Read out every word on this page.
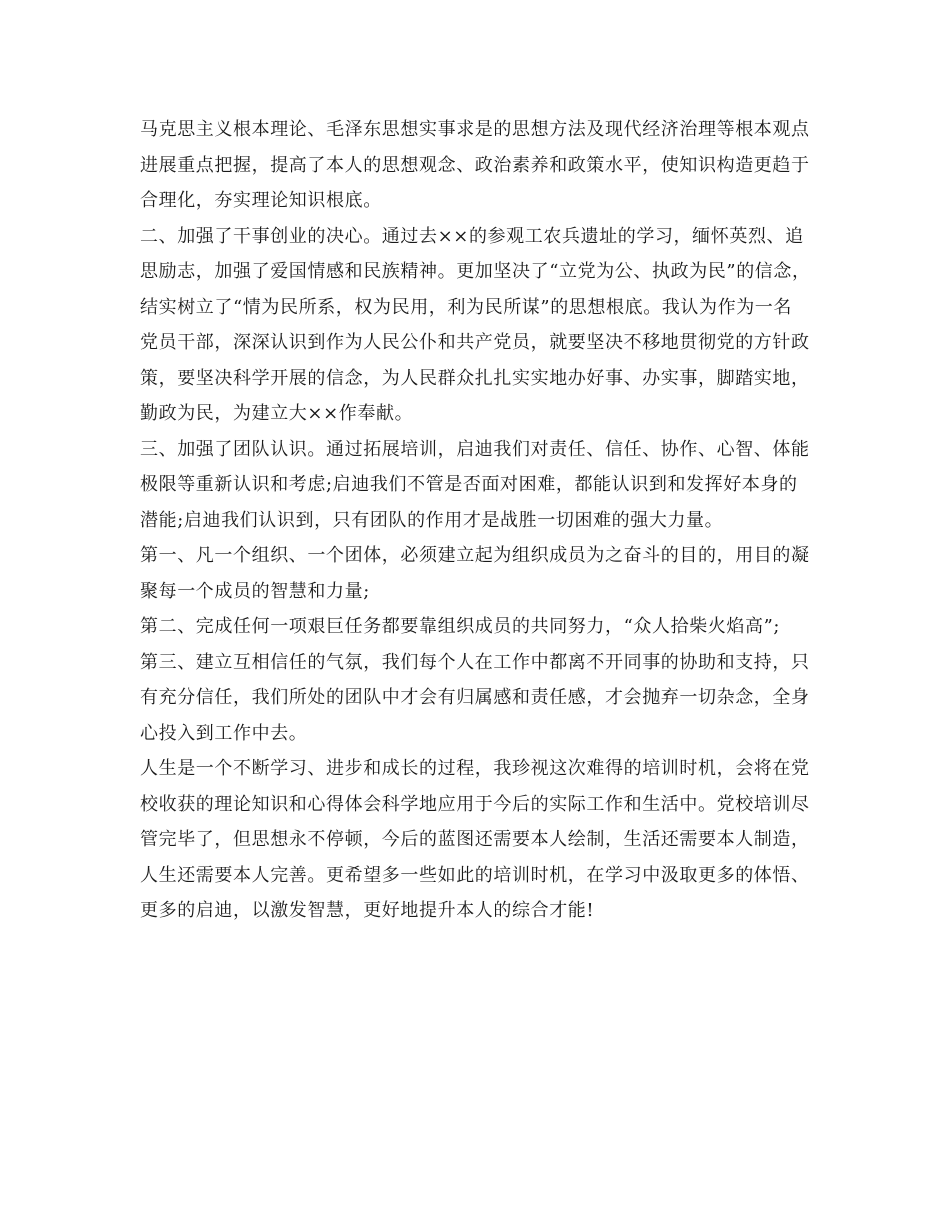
马克思主义根本理论、毛泽东思想实事求是的思想方法及现代经济治理等根本观点
进展重点把握，提高了本人的思想观念、政治素养和政策水平，使知识构造更趋于
合理化，夯实理论知识根底。
二、加强了干事创业的决心。通过去××的参观工农兵遗址的学习，缅怀英烈、追
思励志，加强了爱国情感和民族精神。更加坚决了“立党为公、执政为民”的信念，
结实树立了“情为民所系，权为民用，利为民所谋”的思想根底。我认为作为一名
党员干部，深深认识到作为人民公仆和共产党员，就要坚决不移地贯彻党的方针政
策，要坚决科学开展的信念，为人民群众扎扎实实地办好事、办实事，脚踏实地，
勤政为民，为建立大××作奉献。
三、加强了团队认识。通过拓展培训，启迪我们对责任、信任、协作、心智、体能
极限等重新认识和考虑;启迪我们不管是否面对困难，都能认识到和发挥好本身的
潜能;启迪我们认识到，只有团队的作用才是战胜一切困难的强大力量。
第一、凡一个组织、一个团体，必须建立起为组织成员为之奋斗的目的，用目的凝
聚每一个成员的智慧和力量;
第二、完成任何一项艰巨任务都要靠组织成员的共同努力，“众人拾柴火焰高”;
第三、建立互相信任的气氛，我们每个人在工作中都离不开同事的协助和支持，只
有充分信任，我们所处的团队中才会有归属感和责任感，才会抛弃一切杂念，全身
心投入到工作中去。
人生是一个不断学习、进步和成长的过程，我珍视这次难得的培训时机，会将在党
校收获的理论知识和心得体会科学地应用于今后的实际工作和生活中。党校培训尽
管完毕了，但思想永不停顿，今后的蓝图还需要本人绘制，生活还需要本人制造，
人生还需要本人完善。更希望多一些如此的培训时机，在学习中汲取更多的体悟、
更多的启迪，以激发智慧，更好地提升本人的综合才能!
